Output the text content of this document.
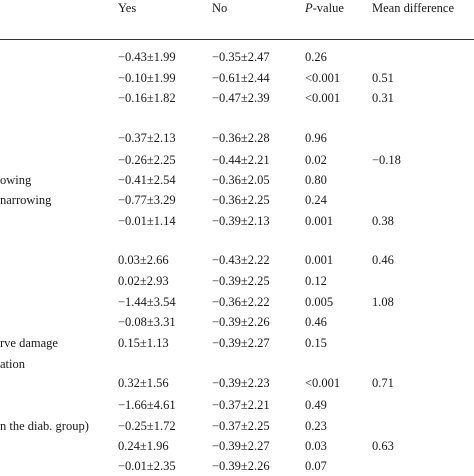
Yes	No	P-value Mean difference
−0.43±1.99	−0.35±2.47	0.26
−0.10±1.99	−0.61±2.44	<0.001	0.51
−0.16±1.82	−0.47±2.39	<0.001	0.31
−0.37±2.13	−0.36±2.28	0.96
−0.26±2.25	−0.44±2.21	0.02	−0.18
owing	−0.41±2.54	−0.36±2.05	0.80
narrowing	−0.77±3.29	−0.36±2.25	0.24
−0.01±1.14	−0.39±2.13	0.001	0.38
0.03±2.66	−0.43±2.22	0.001	0.46
0.02±2.93	−0.39±2.25	0.12
−1.44±3.54	−0.36±2.22	0.005	1.08
−0.08±3.31	−0.39±2.26	0.46
rve damage	0.15±1.13	−0.39±2.27	0.15
ation
0.32±1.56	−0.39±2.23	<0.001	0.71
−1.66±4.61	−0.37±2.21	0.49
n the diab. group) −0.25±1.72	−0.37±2.25	0.23
0.24±1.96	−0.39±2.27	0.03	0.63
−0.01±2.35	−0.39±2.26	0.07
